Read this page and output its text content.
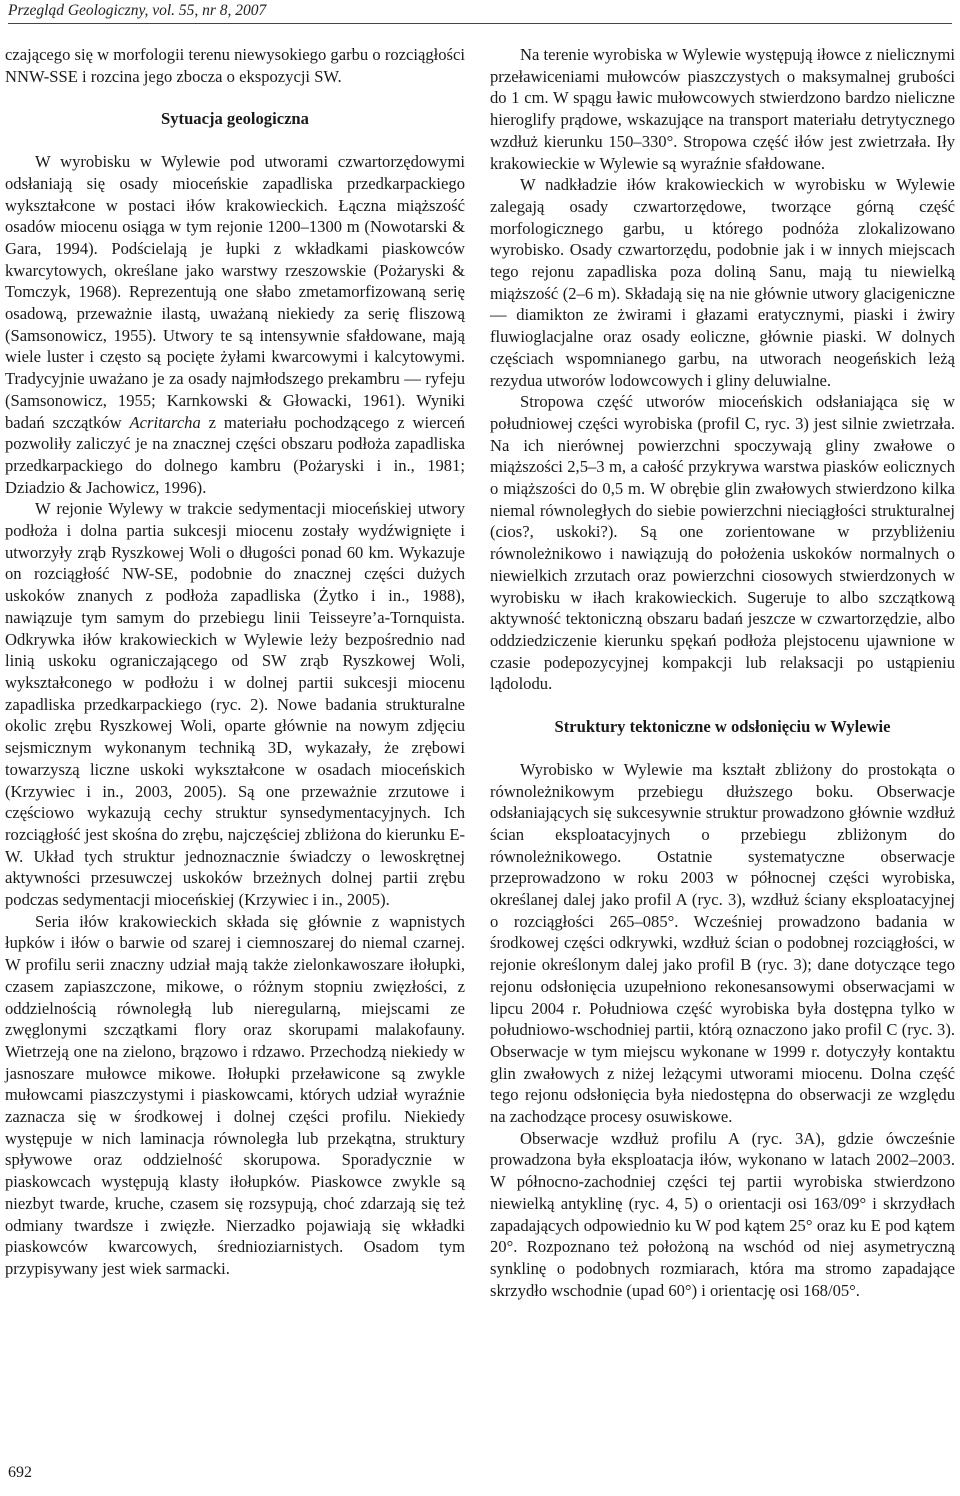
Przegląd Geologiczny, vol. 55, nr 8, 2007

czającego się w morfologii terenu niewysokiego garbu o rozciągłości NNW-SSE i rozcina jego zbocza o ekspozycji SW.

Sytuacja geologiczna

W wyrobisku w Wylewie pod utworami czwartorzędowymi odsłaniają się osady mioceńskie zapadliska przedkarpackiego wykształcone w postaci iłów krakowieckich. Łączna miąższość osadów miocenu osiąga w tym rejonie 1200–1300 m (Nowotarski & Gara, 1994). Podścielają je łupki z wkładkami piaskowców kwarcytowych, określane jako warstwy rzeszowskie (Pożaryski & Tomczyk, 1968). Reprezentują one słabo zmetamorfizowaną serię osadową, przeważnie ilastą, uważaną niekiedy za serię fliszową (Samsonowicz, 1955). Utwory te są intensywnie sfałdowane, mają wiele luster i często są pocięte żyłami kwarcowymi i kalcytowymi. Tradycyjnie uważano je za osady najmłodszego prekambru — ryfeju (Samsonowicz, 1955; Karnkowski & Głowacki, 1961). Wyniki badań szczątków Acritarcha z materiału pochodzącego z wierceń pozwoliły zaliczyć je na znacznej części obszaru podłoża zapadliska przedkarpackiego do dolnego kambru (Pożaryski i in., 1981; Dziadzio & Jachowicz, 1996).

W rejonie Wylewy w trakcie sedymentacji mioceńskiej utwory podłoża i dolna partia sukcesji miocenu zostały wydźwignięte i utworzyły zrąb Ryszkowej Woli o długości ponad 60 km. Wykazuje on rozciągłość NW-SE, podobnie do znacznej części dużych uskoków znanych z podłoża zapadliska (Żytko i in., 1988), nawiązuje tym samym do przebiegu linii Teisseyre’a-Tornquista. Odkrywka iłów krakowieckich w Wylewie leży bezpośrednio nad linią uskoku ograniczającego od SW zrąb Ryszkowej Woli, wykształconego w podłożu i w dolnej partii sukcesji miocenu zapadliska przedkarpackiego (ryc. 2). Nowe badania strukturalne okolic zrębu Ryszkowej Woli, oparte głównie na nowym zdjęciu sejsmicznym wykonanym techniką 3D, wykazały, że zrębowi towarzyszą liczne uskoki wykształcone w osadach mioceńskich (Krzywiec i in., 2003, 2005). Są one przeważnie zrzutowe i częściowo wykazują cechy struktur synsedymentacyjnych. Ich rozciągłość jest skośna do zrębu, najczęściej zbliżona do kierunku E-W. Układ tych struktur jednoznacznie świadczy o lewoskrętnej aktywności przesuwczej uskoków brzeżnych dolnej partii zrębu podczas sedymentacji mioceńskiej (Krzywiec i in., 2005).

Seria iłów krakowieckich składa się głównie z wapnistych łupków i iłów o barwie od szarej i ciemnoszarej do niemal czarnej. W profilu serii znaczny udział mają także zielonkawoszare iłołupki, czasem zapiaszczone, mikowe, o różnym stopniu zwięzłości, z oddzielnością równoległą lub nieregularną, miejscami ze zwęglonymi szczątkami flory oraz skorupami malakofauny. Wietrzeją one na zielono, brązowo i rdzawo. Przechodzą niekiedy w jasnoszare mułowce mikowe. Iłołupki przeławicone są zwykle mułowcami piaszczystymi i piaskowcami, których udział wyraźnie zaznacza się w środkowej i dolnej części profilu. Niekiedy występuje w nich laminacja równoległa lub przekątna, struktury spływowe oraz oddzielność skorupowa. Sporadycznie w piaskowcach występują klasty iłołupków. Piaskowce zwykle są niezbyt twarde, kruche, czasem się rozsypują, choć zdarzają się też odmiany twardsze i zwięzłe. Nierzadko pojawiają się wkładki piaskowców kwarcowych, średnioziarnistych. Osadom tym przypisywany jest wiek sarmacki.

Na terenie wyrobiska w Wylewie występują iłowce z nielicznymi przeławiceniami mułowców piaszczystych o maksymalnej grubości do 1 cm. W spągu ławic mułowcowych stwierdzono bardzo nieliczne hieroglify prądowe, wskazujące na transport materiału detrytycznego wzdłuż kierunku 150–330°. Stropowa część iłów jest zwietrzała. Iły krakowieckie w Wylewie są wyraźnie sfałdowane.

W nadkładzie iłów krakowieckich w wyrobisku w Wylewie zalegają osady czwartorzędowe, tworzące górną część morfologicznego garbu, u którego podnóża zlokalizowano wyrobisko. Osady czwartorzędu, podobnie jak i w innych miejscach tego rejonu zapadliska poza doliną Sanu, mają tu niewielką miąższość (2–6 m). Składają się na nie głównie utwory glacigeniczne — diamikton ze żwirami i głazami eratycznymi, piaski i żwiry fluwioglacjalne oraz osady eoliczne, głównie piaski. W dolnych częściach wspomnianego garbu, na utworach neogeńskich leżą rezydua utworów lodowcowych i gliny deluwialne.

Stropowa część utworów mioceńskich odsłaniająca się w południowej części wyrobiska (profil C, ryc. 3) jest silnie zwietrzała. Na ich nierównej powierzchni spoczywają gliny zwałowe o miąższości 2,5–3 m, a całość przykrywa warstwa piasków eolicznych o miąższości do 0,5 m. W obrębie glin zwałowych stwierdzono kilka niemal równoległych do siebie powierzchni nieciągłości strukturalnej (cios?, uskoki?). Są one zorientowane w przybliżeniu równoleżnikowo i nawiązują do położenia uskoków normalnych o niewielkich zrzutach oraz powierzchni ciosowych stwierdzonych w wyrobisku w iłach krakowieckich. Sugeruje to albo szczątkową aktywność tektoniczną obszaru badań jeszcze w czwartorzędzie, albo oddziedziczenie kierunku spękań podłoża plejstocenu ujawnione w czasie podepozycyjnej kompakcji lub relaksacji po ustąpieniu lądolodu.

Struktury tektoniczne w odsłonięciu w Wylewie

Wyrobisko w Wylewie ma kształt zbliżony do prostokąta o równoleżnikowym przebiegu dłuższego boku. Obserwacje odsłaniających się sukcesywnie struktur prowadzono głównie wzdłuż ścian eksploatacyjnych o przebiegu zbliżonym do równoleżnikowego. Ostatnie systematyczne obserwacje przeprowadzono w roku 2003 w północnej części wyrobiska, określanej dalej jako profil A (ryc. 3), wzdłuż ściany eksploatacyjnej o rozciągłości 265–085°. Wcześniej prowadzono badania w środkowej części odkrywki, wzdłuż ścian o podobnej rozciągłości, w rejonie określonym dalej jako profil B (ryc. 3); dane dotyczące tego rejonu odsłonięcia uzupełniono rekonesansowymi obserwacjami w lipcu 2004 r. Południowa część wyrobiska była dostępna tylko w południowo-wschodniej partii, którą oznaczono jako profil C (ryc. 3). Obserwacje w tym miejscu wykonane w 1999 r. dotyczyły kontaktu glin zwałowych z niżej leżącymi utworami miocenu. Dolna część tego rejonu odsłonięcia była niedostępna do obserwacji ze względu na zachodzące procesy osuwiskowe.

Obserwacje wzdłuż profilu A (ryc. 3A), gdzie ówcześnie prowadzona była eksploatacja iłów, wykonano w latach 2002–2003. W północno-zachodniej części tej partii wyrobiska stwierdzono niewielką antyklinę (ryc. 4, 5) o orientacji osi 163/09° i skrzydłach zapadających odpowiednio ku W pod kątem 25° oraz ku E pod kątem 20°. Rozpoznano też położoną na wschód od niej asymetryczną synklinę o podobnych rozmiarach, która ma stromo zapadające skrzydło wschodnie (upad 60°) i orientację osi 168/05°.

692
